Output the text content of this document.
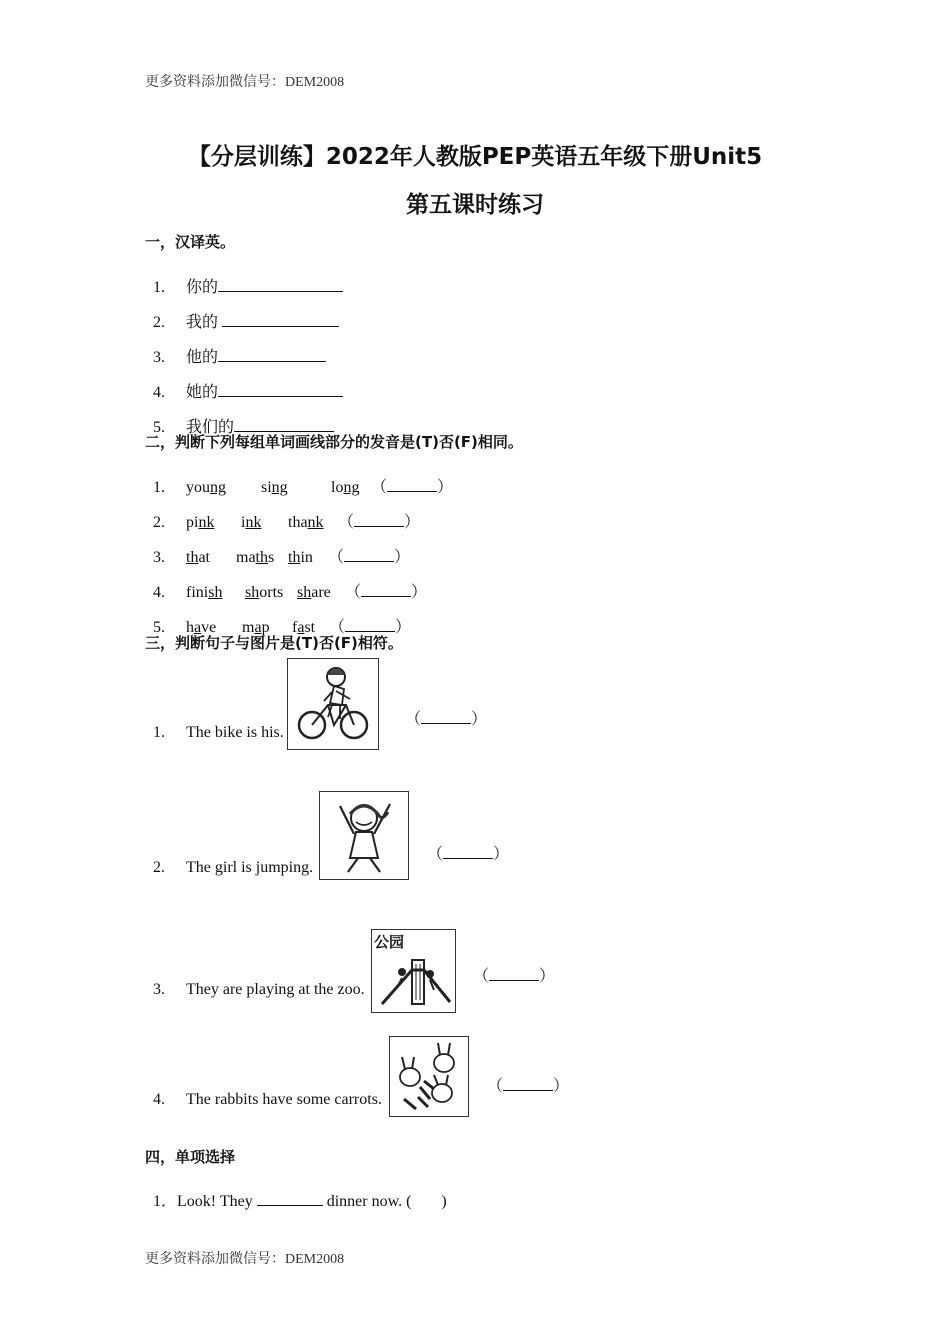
更多资料添加微信号：DEM2008
【分层训练】2022年人教版PEP英语五年级下册Unit5
第五课时练习
一，汉译英。

1. 你的

2. 我的

3. 他的

4. 她的

5. 我们的

二，判断下列每组单词画线部分的发音是(T)否(F)相同。

1. young sing	long （	）

2. pink ink thank （	）

3. that maths thin （	）

4. finish shorts share （	）

5. have map fast （	）

三，判断句子与图片是(T)否(F)相符。

1. The bike is his.

（	）

2. The girl is jumping.

（	）

3. They are playing at the zoo.

公园
（	）

4. The rabbits have some carrots.

（	）
四，单项选择

1．Look! They	dinner now. ( )

更多资料添加微信号：DEM2008
